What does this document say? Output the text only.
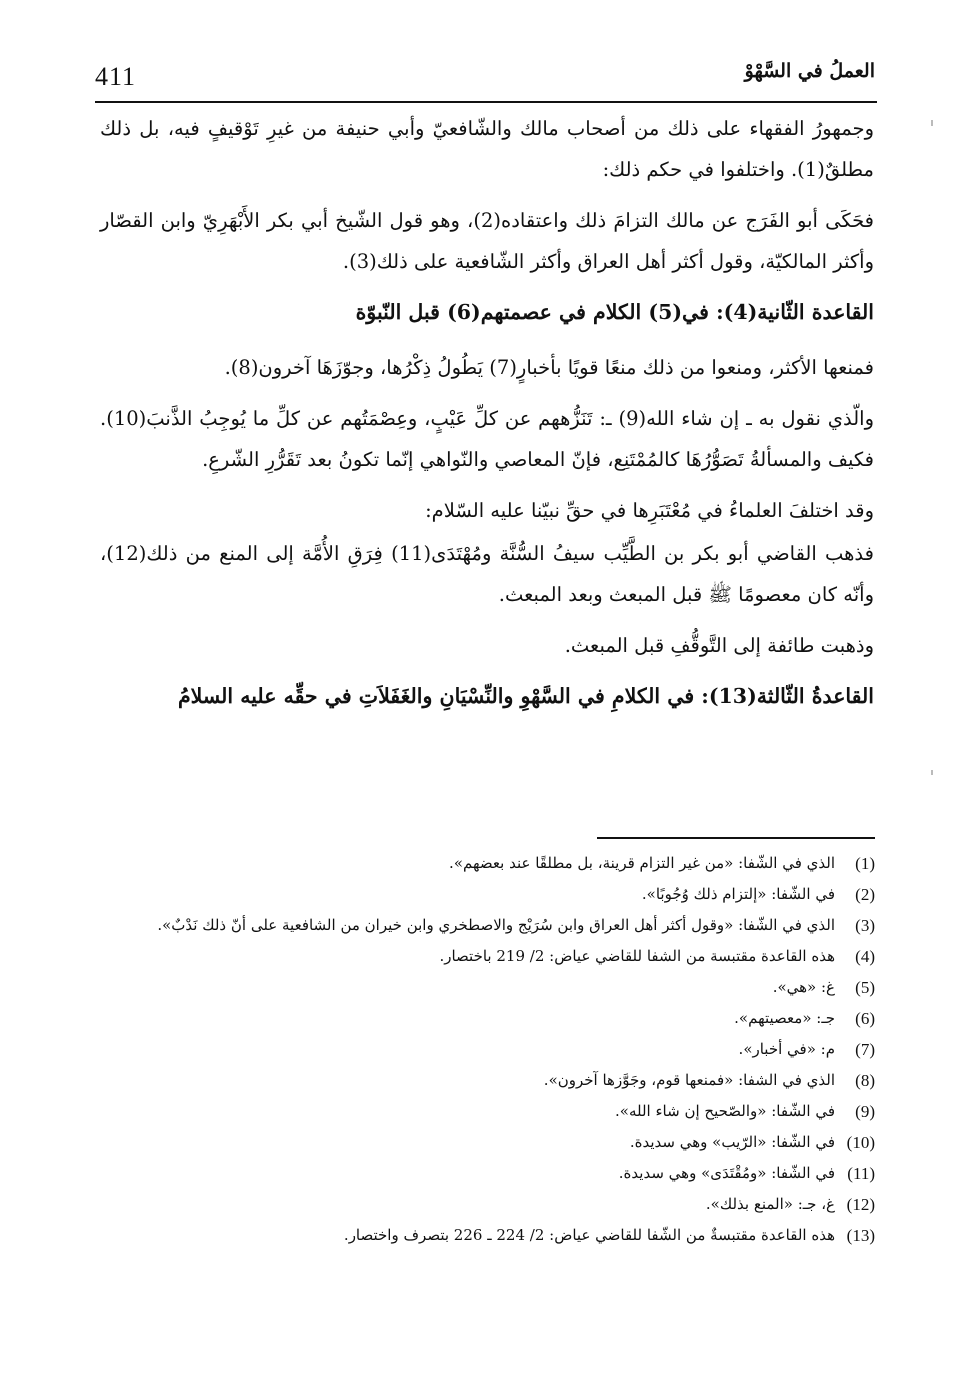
411	العملُ في السَّهْوْ

وجمهورُ الفقهاء على ذلك من أصحاب مالك والشّافعيّ وأبي حنيفة من غيرِ تَوْقيفٍ فيه، بل ذلك مطلقٌ(1). واختلفوا في حكم ذلك:

فحَكَى أبو الفَرَج عن مالك التزامَ ذلك واعتقاده(2)، وهو قول الشّيخ أبي بكر الأَبْهَرِيّ وابن القصّار وأكثر المالكيّة، وقول أكثر أهل العراق وأكثر الشّافعية على ذلك(3).

القاعدة الثّانية(4): في(5) الكلام في عصمتهم(6) قبل النّبوّة

فمنعها الأكثر، ومنعوا من ذلك منعًا قويًا بأخبارٍ(7) يَطُولُ ذِكْرُها، وجوّزَهَا آخرون(8).

والّذي نقول به ـ إن شاء الله(9) ـ: تَنَزُّههم عن كلِّ عَيْبٍ، وعِصْمَتُهم عن كلِّ ما يُوجِبُ الذَّنبَ(10). فكيف والمسألةُ تَصَوُّرُهَا كالمُمْتَنِع، فإنّ المعاصي والنّواهي إنّما تكونُ بعد تَقَرُّرِ الشّرعِ.

وقد اختلفَ العلماءُ في مُعْتَبَرِها في حقِّ نبيّنا عليه السّلام:

فذهب القاضي أبو بكر بن الطَّيِّب سيفُ السُّنَّة ومُهْتَدَى(11) فِرَقِ الأُمَّة إلى المنع من ذلك(12)، وأنّه كان معصومًا ﷺ قبل المبعث وبعد المبعث.

وذهبت طائفة إلى التَّوقُّفِ قبل المبعث.

القاعدةُ الثّالثة(13): في الكلامِ في السَّهْوِ والنِّسْيَانِ والغَفَلاَتِ في حقِّه عليه السلامُ

(1)
الذي في الشّفا: «من غير التزام قرينة، بل مطلقًا عند بعضهم».
(2)
في الشّفا: «إلتزام ذلك وُجُوبًا».
(3)
الذي في الشّفا: «وقول أكثر أهل العراق وابن سُرَيْج والاصطخري وابن خيران من الشافعية على أنّ ذلك نَدْبٌ».
(4)
هذه القاعدة مقتبسة من الشفا للقاضي عياض: 2/ 219 باختصار.
(5)
غ: «هي».
(6)
جـ: «معصيتهم».
(7)
م: «في أخبار».
(8)
الذي في الشفا: «فمنعها قوم، وجَوَّزها آخرون».
(9)
في الشّفا: «والصّحيح إن شاء الله».
(10)
في الشّفا: «الرّيب» وهي سديدة.
(11)
في الشّفا: «ومُقْتَدَى» وهي سديدة.
(12)
غ، جـ: «المنع بذلك».
(13)
هذه القاعدة مقتبسةٌ من الشّفا للقاضي عياض: 2/ 224 ـ 226 بتصرف واختصار.
